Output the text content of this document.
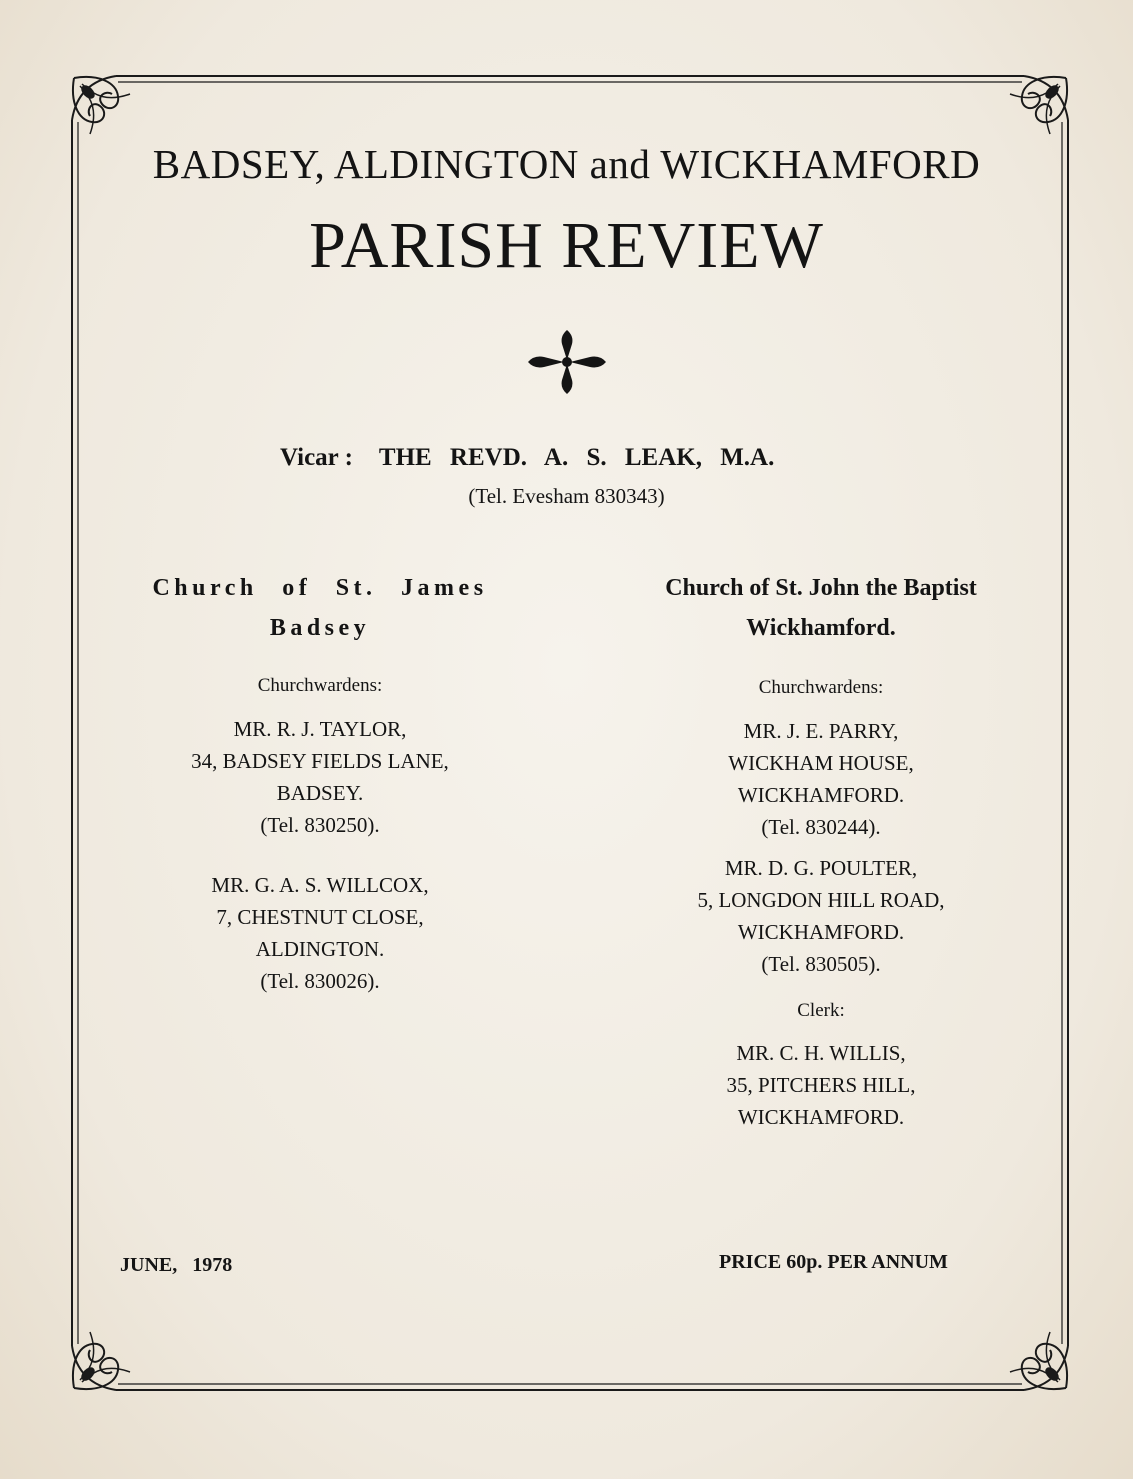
BADSEY, ALDINGTON and WICKHAMFORD
PARISH REVIEW
Vicar : THE REVD. A. S. LEAK, M.A.
(Tel. Evesham 830343)
Church of St. James
Badsey
Churchwardens:
MR. R. J. TAYLOR,
34, BADSEY FIELDS LANE,
BADSEY.
(Tel. 830250).
MR. G. A. S. WILLCOX,
7, CHESTNUT CLOSE,
ALDINGTON.
(Tel. 830026).
Church of St. John the Baptist
Wickhamford.
Churchwardens:
MR. J. E. PARRY,
WICKHAM HOUSE,
WICKHAMFORD.
(Tel. 830244).
MR. D. G. POULTER,
5, LONGDON HILL ROAD,
WICKHAMFORD.
(Tel. 830505).
Clerk:
MR. C. H. WILLIS,
35, PITCHERS HILL,
WICKHAMFORD.
JUNE, 1978	PRICE 60p. PER ANNUM
